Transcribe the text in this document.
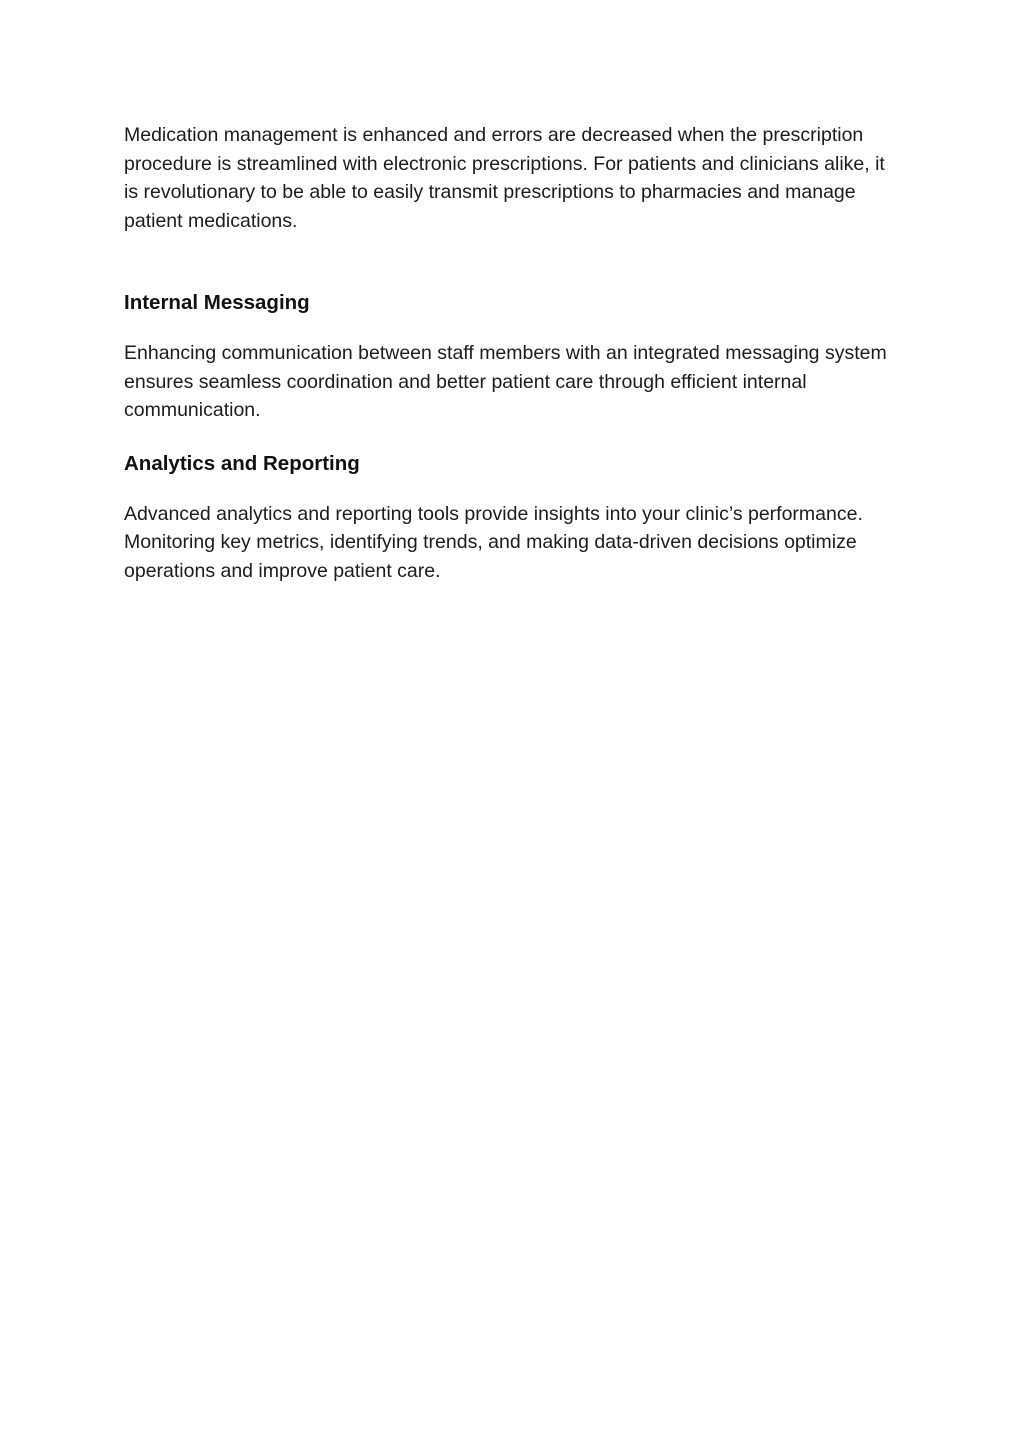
Medication management is enhanced and errors are decreased when the prescription procedure is streamlined with electronic prescriptions. For patients and clinicians alike, it is revolutionary to be able to easily transmit prescriptions to pharmacies and manage patient medications.

Internal Messaging

Enhancing communication between staff members with an integrated messaging system ensures seamless coordination and better patient care through efficient internal communication.

Analytics and Reporting

Advanced analytics and reporting tools provide insights into your clinic’s performance. Monitoring key metrics, identifying trends, and making data-driven decisions optimize operations and improve patient care.
